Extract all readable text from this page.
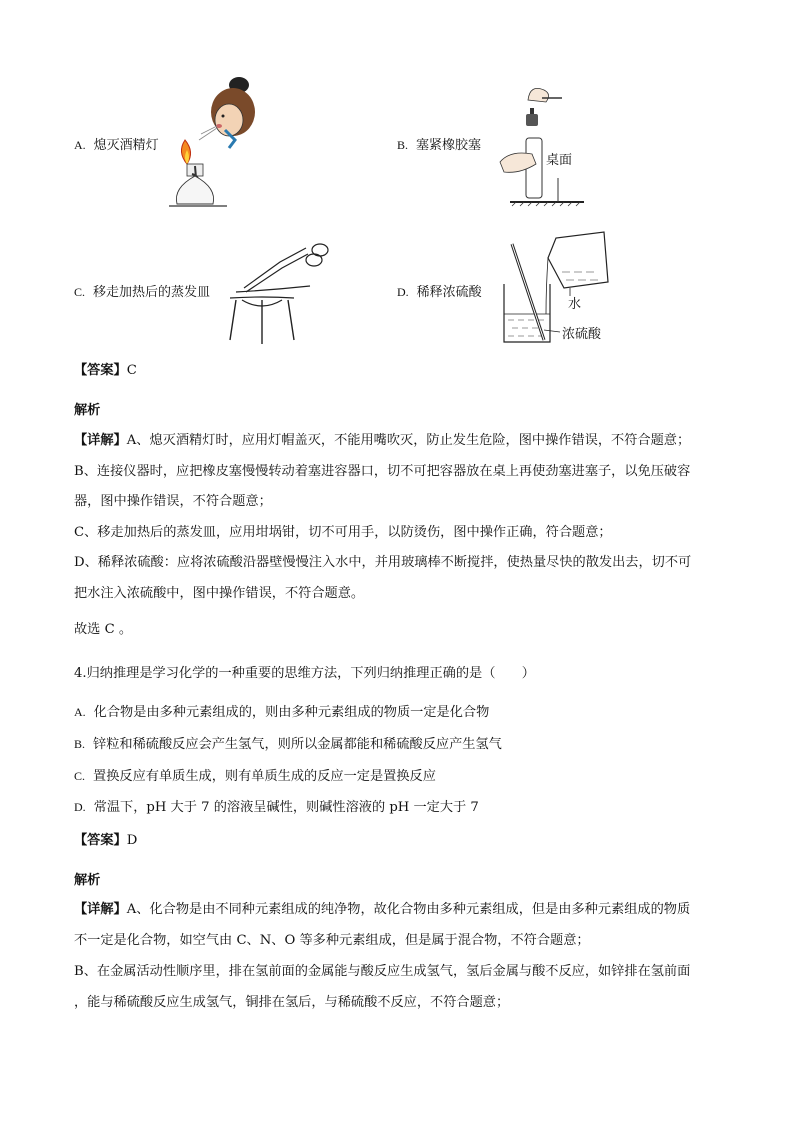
A. 熄灭酒精灯	B. 塞紧橡胶塞
C. 移走加热后的蒸发皿	D. 稀释浓硫酸
桌面
水
浓硫酸
【答案】C
解析
【详解】A、熄灭酒精灯时，应用灯帽盖灭，不能用嘴吹灭，防止发生危险，图中操作错误，不符合题意；
B、连接仪器时，应把橡皮塞慢慢转动着塞进容器口，切不可把容器放在桌上再使劲塞进塞子，以免压破容
器，图中操作错误，不符合题意；
C、移走加热后的蒸发皿，应用坩埚钳，切不可用手，以防烫伤，图中操作正确，符合题意；
D、稀释浓硫酸：应将浓硫酸沿器壁慢慢注入水中，并用玻璃棒不断搅拌，使热量尽快的散发出去，切不可
把水注入浓硫酸中，图中操作错误，不符合题意。
故选 C 。
4.归纳推理是学习化学的一种重要的思维方法，下列归纳推理正确的是（　　）
A. 化合物是由多种元素组成的，则由多种元素组成的物质一定是化合物
B. 锌粒和稀硫酸反应会产生氢气，则所以金属都能和稀硫酸反应产生氢气
C. 置换反应有单质生成，则有单质生成的反应一定是置换反应
D. 常温下，pH 大于 7 的溶液呈碱性，则碱性溶液的 pH 一定大于 7
【答案】D
解析
【详解】A、化合物是由不同种元素组成的纯净物，故化合物由多种元素组成，但是由多种元素组成的物质
不一定是化合物，如空气由 C、N、O 等多种元素组成，但是属于混合物，不符合题意；
B、在金属活动性顺序里，排在氢前面的金属能与酸反应生成氢气，氢后金属与酸不反应，如锌排在氢前面
，能与稀硫酸反应生成氢气，铜排在氢后，与稀硫酸不反应，不符合题意；
